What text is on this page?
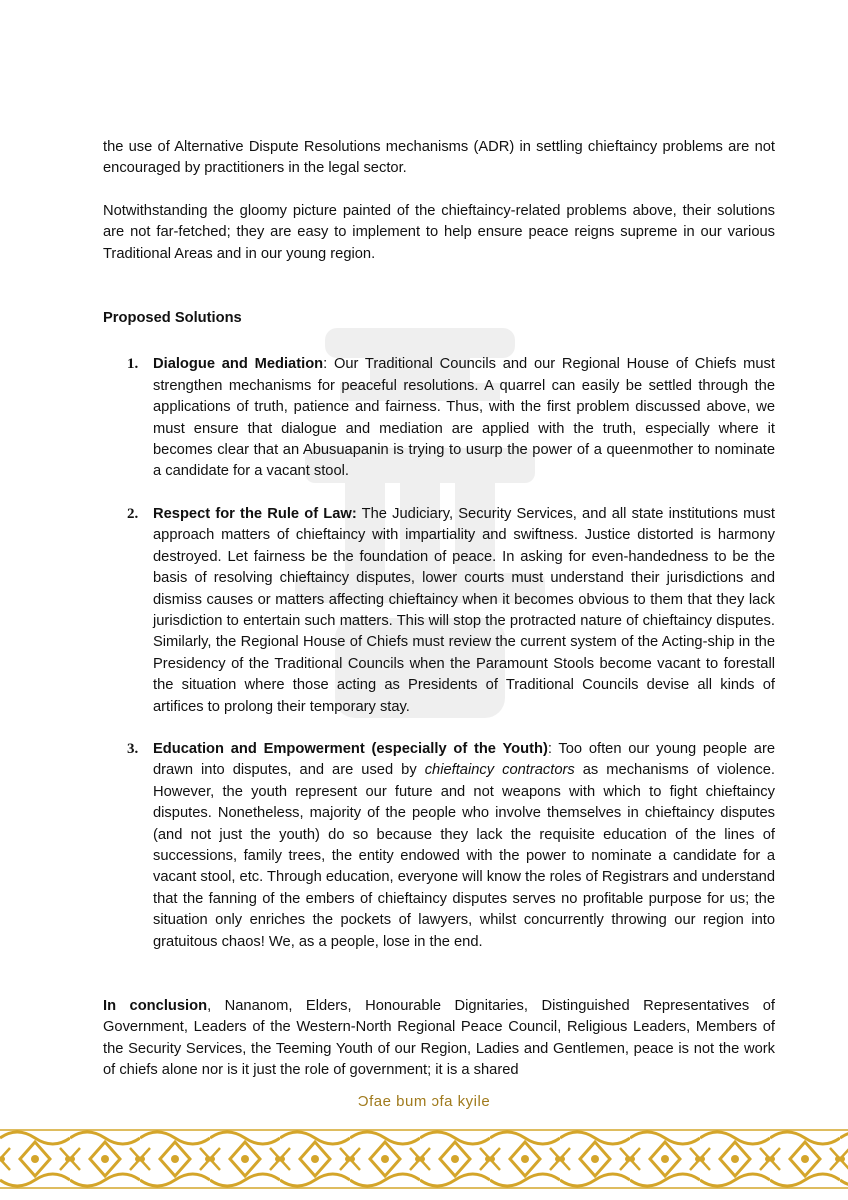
the use of Alternative Dispute Resolutions mechanisms (ADR) in settling chieftaincy problems are not encouraged by practitioners in the legal sector.

Notwithstanding the gloomy picture painted of the chieftaincy-related problems above, their solutions are not far-fetched; they are easy to implement to help ensure peace reigns supreme in our various Traditional Areas and in our young region.

Proposed Solutions

1. Dialogue and Mediation: Our Traditional Councils and our Regional House of Chiefs must strengthen mechanisms for peaceful resolutions. A quarrel can easily be settled through the applications of truth, patience and fairness. Thus, with the first problem discussed above, we must ensure that dialogue and mediation are applied with the truth, especially where it becomes clear that an Abusuapanin is trying to usurp the power of a queenmother to nominate a candidate for a vacant stool.
2. Respect for the Rule of Law: The Judiciary, Security Services, and all state institutions must approach matters of chieftaincy with impartiality and swiftness. Justice distorted is harmony destroyed. Let fairness be the foundation of peace. In asking for even-handedness to be the basis of resolving chieftaincy disputes, lower courts must understand their jurisdictions and dismiss causes or matters affecting chieftaincy when it becomes obvious to them that they lack jurisdiction to entertain such matters. This will stop the protracted nature of chieftaincy disputes. Similarly, the Regional House of Chiefs must review the current system of the Acting-ship in the Presidency of the Traditional Councils when the Paramount Stools become vacant to forestall the situation where those acting as Presidents of Traditional Councils devise all kinds of artifices to prolong their temporary stay.
3. Education and Empowerment (especially of the Youth): Too often our young people are drawn into disputes, and are used by chieftaincy contractors as mechanisms of violence. However, the youth represent our future and not weapons with which to fight chieftaincy disputes. Nonetheless, majority of the people who involve themselves in chieftaincy disputes (and not just the youth) do so because they lack the requisite education of the lines of successions, family trees, the entity endowed with the power to nominate a candidate for a vacant stool, etc. Through education, everyone will know the roles of Registrars and understand that the fanning of the embers of chieftaincy disputes serves no profitable purpose for us; the situation only enriches the pockets of lawyers, whilst concurrently throwing our region into gratuitous chaos! We, as a people, lose in the end.

In conclusion, Nananom, Elders, Honourable Dignitaries, Distinguished Representatives of Government, Leaders of the Western-North Regional Peace Council, Religious Leaders, Members of the Security Services, the Teeming Youth of our Region, Ladies and Gentlemen, peace is not the work of chiefs alone nor is it just the role of government; it is a shared

Ɔfae bum ɔfa kyile
